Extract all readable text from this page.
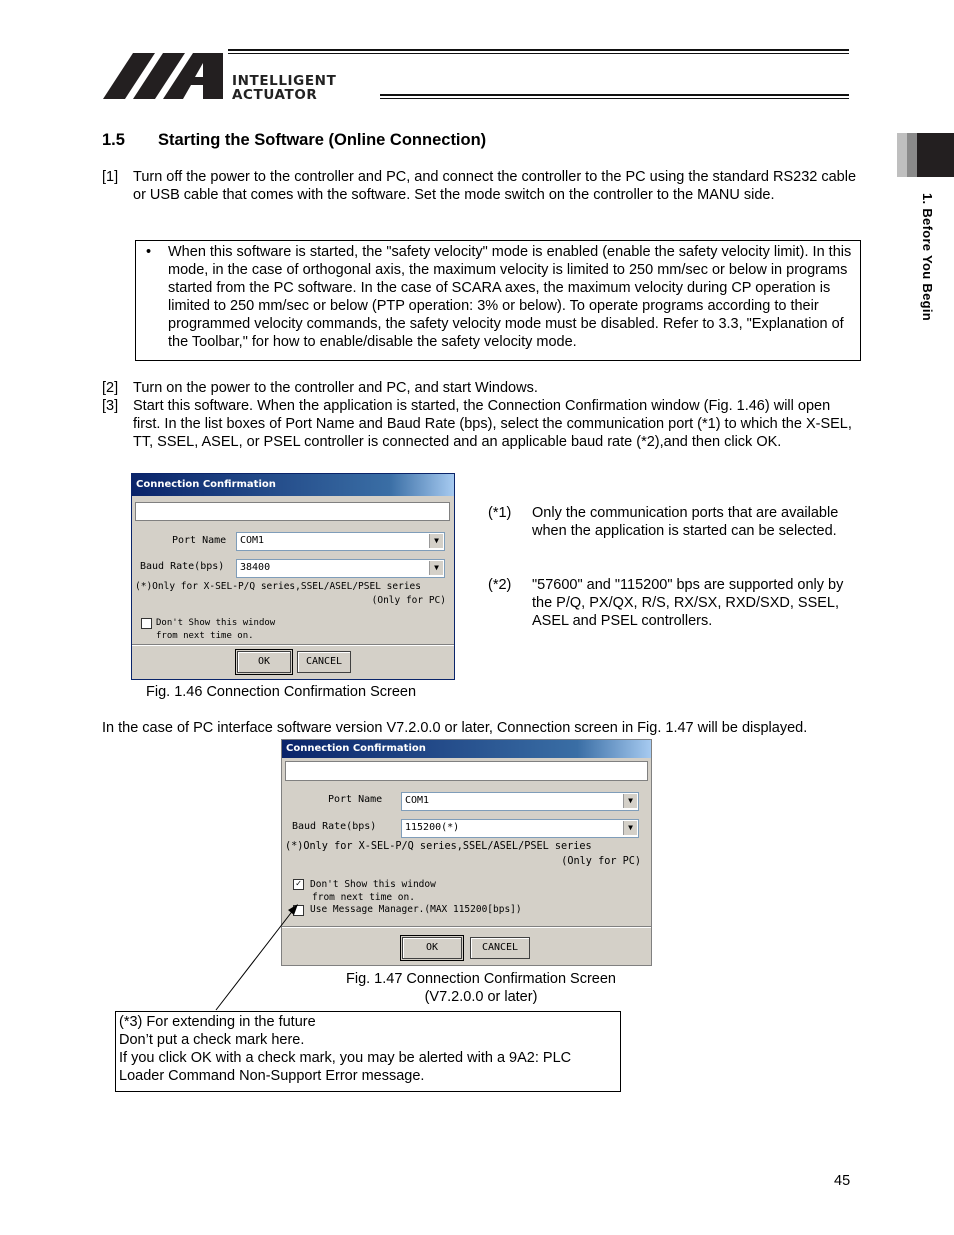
INTELLIGENT
ACTUATOR
1. Before You Begin
1.5 Starting the Software (Online Connection)
[1] Turn off the power to the controller and PC, and connect the controller to the PC using the standard RS232 cable or USB cable that comes with the software. Set the mode switch on the controller to the MANU side.
• When this software is started, the "safety velocity" mode is enabled (enable the safety velocity limit). In this mode, in the case of orthogonal axis, the maximum velocity is limited to 250 mm/sec or below in programs started from the PC software. In the case of SCARA axes, the maximum velocity during CP operation is limited to 250 mm/sec or below (PTP operation: 3% or below). To operate programs according to their programmed velocity commands, the safety velocity mode must be disabled. Refer to 3.3, "Explanation of the Toolbar," for how to enable/disable the safety velocity mode.
[2] Turn on the power to the controller and PC, and start Windows.
[3] Start this software. When the application is started, the Connection Confirmation window (Fig. 1.46) will open first. In the list boxes of Port Name and Baud Rate (bps), select the communication port (*1) to which the X-SEL, TT, SSEL, ASEL, or PSEL controller is connected and an applicable baud rate (*2),and then click OK.
Connection Confirmation
Port Name COM1	▼
Baud Rate(bps) 38400	▼
(*)Only for X-SEL-P/Q series,SSEL/ASEL/PSEL series
(Only for PC)
Don't Show this window
from next time on.
OK	CANCEL
Fig. 1.46 Connection Confirmation Screen
(*1) Only the communication ports that are available when the application is started can be selected.
(*2) "57600" and "115200" bps are supported only by the P/Q, PX/QX, R/S, RX/SX, RXD/SXD, SSEL, ASEL and PSEL controllers.
In the case of PC interface software version V7.2.0.0 or later, Connection screen in Fig. 1.47 will be displayed.
Connection Confirmation
Port Name COM1	▼
Baud Rate(bps)	115200(*)	▼
(*)Only for X-SEL-P/Q series,SSEL/ASEL/PSEL series
(Only for PC)
✓ Don't Show this window
from next time on.
Use Message Manager.(MAX 115200[bps])
OK	CANCEL
Fig. 1.47 Connection Confirmation Screen
(V7.2.0.0 or later)
(*3) For extending in the future
Don’t put a check mark here.
If you click OK with a check mark, you may be alerted with a 9A2: PLC
Loader Command Non-Support Error message.
45
